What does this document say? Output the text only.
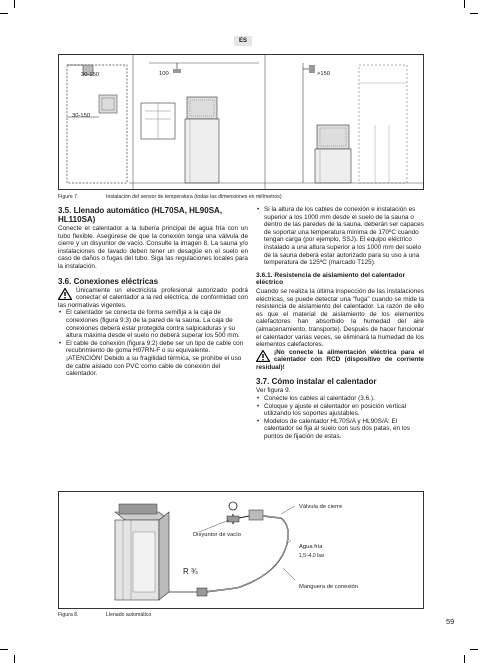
ES
30-150
30-150
100	>150
Figure 7.	Instalación del sensor de temperatura (todas las dimensiones en milímetros)
3.5. Llenado automático (HL70SA, HL90SA, HL110SA)

Conecte el calentador a la tubería principal de agua fría con un tubo flexible. Asegúrese de que la conexión tenga una válvula de cierre y un disyuntor de vacío. Consulte la imagen 8. La sauna y/o instalaciones de lavado deben tener un desagüe en el suelo en caso de daños o fugas del tubo. Siga las regulaciones locales para la instalación.

3.6. Conexiones eléctricas

Únicamente un electricista profesional autorizado podrá conectar el calentador a la red eléctrica, de conformidad con las normativas vigentes.

• El calentador se conecta de forma semifija a la caja de conexiones (figura 9:3) de la pared de la sauna. La caja de conexiones deberá estar protegida contra salpicaduras y su altura máxima desde el suelo no deberá superar los 500 mm.
• El cable de conexión (figura 9:2) debe ser un tipo de cable con recubrimiento de goma H07RN-F o su equivalente. ¡ATENCIÓN! Debido a su fragilidad térmica, se prohíbe el uso de cable aislado con PVC como cable de conexión del calentador.
• Si la altura de los cables de conexión e instalación es superior a los 1000 mm desde el suelo de la sauna o dentro de las paredes de la sauna, deberán ser capaces de soportar una temperatura mínima de 170ºC cuando tengan carga (por ejemplo, SSJ). El equipo eléctrico instalado a una altura superior a los 1000 mm del suelo de la sauna deberá estar autorizado para su uso a una temperatura de 125ºC (marcado T125).
3.6.1. Resistencia de aislamiento del calentador eléctrico

Cuando se realiza la última inspección de las instalaciones eléctricas, se puede detectar una "fuga" cuando se mide la resistencia de aislamiento del calentador. La razón de ello es que el material de aislamiento de los elementos calefactores han absorbido la humedad del aire (almacenamiento, transporte). Después de hacer funcionar el calentador varias veces, se eliminará la humedad de los elementos calefactores.

¡No conecte la alimentación eléctrica para el calentador con RCD (dispositivo de corriente residual)!

3.7. Cómo instalar el calentador

Ver figura 9.

• Conecte los cables al calentador (3.6.).
• Coloque y ajuste el calentador en posición vertical utilizando los soportes ajustables.
• Modelos de calentador HL70S/A y HL90S/A: El calentador se fija al suelo con sus dos patas, en los puntos de fijación de estas.
Válvula de cierre
Disyuntor de vacío
Agua fría
1,5–4,0 bar
R ¾
Manguera de conexión
Figura 8.	Llenado automático
59
